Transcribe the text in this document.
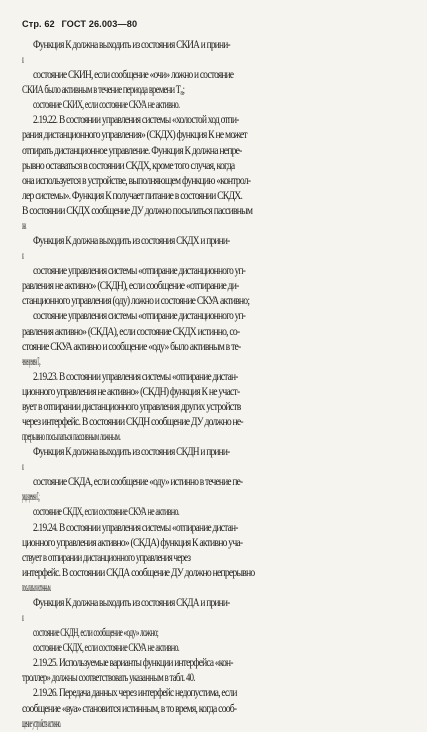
Стр. 62 ГОСТ 26.003—80
Функция К должна выходить из состояния СКИА и прини-
мать:
состояние СКИН, если сообщение «очи» ложно и состояние
СКИА было активным в течение периода времени T₈;
состояние СКИХ, если состояние СКУА не активно.
2.19.22. В состоянии управления системы «холостой ход отпи-
рания дистанционного управления» (СКДХ) функция К не может
отпирать дистанционное управление. Функция К должна непре-
рывно оставаться в состоянии СКДХ, кроме того случая, когда
она используется в устройстве, выполняющем функцию «контрол-
лер системы». Функция К получает питание в состоянии СКДХ.
В состоянии СКДХ сообщение ДУ должно посылаться пассивным
ложным.
Функция К должна выходить из состояния СКДХ и прини-
мать:
состояние управления системы «отпирание дистанционного уп-
равления не активно» (СКДН), если сообщение «отпирание ди-
станционного управления (оду) ложно и состояние СКУА активно;
состояние управления системы «отпирание дистанционного уп-
равления активно» (СКДА), если состояние СКДХ истинно, со-
стояние СКУА активно и сообщение «оду» было активным в те-
чение времени T₈.
2.19.23. В состоянии управления системы «отпирание дистан-
ционного управления не активно» (СКДН) функция К не участ-
вует в отпирании дистанционного управления других устройств
через интерфейс. В состоянии СКДН сообщение ДУ должно не-
прерывно посылаться пассивным ложным.
Функция К должна выходить из состояния СКДН и прини-
мать:
состояние СКДА, если сообщение «оду» истинно в течение пе-
риода времени T₈;
состояние СКДХ, если состояние СКУА не активно.
2.19.24. В состоянии управления системы «отпирание дистан-
ционного управления активно» (СКДА) функция К активно уча-
ствует в отпирании дистанционного управления через
интерфейс. В состоянии СКДА сообщение ДУ должно непрерывно
посылаться истинным.
Функция К должна выходить из состояния СКДА и прини-
мать:
состояние СКДН, если сообщение «оду» ложно;
состояние СКДХ, если состояние СКУА не активно.
2.19.25. Используемые варианты функции интерфейса «кон-
троллер» должны соответствовать указанным в табл. 40.
2.19.26. Передача данных через интерфейс недопустима, если
сообщение «вуа» становится истинным, в то время, когда сооб-
щение устройств истинно.
